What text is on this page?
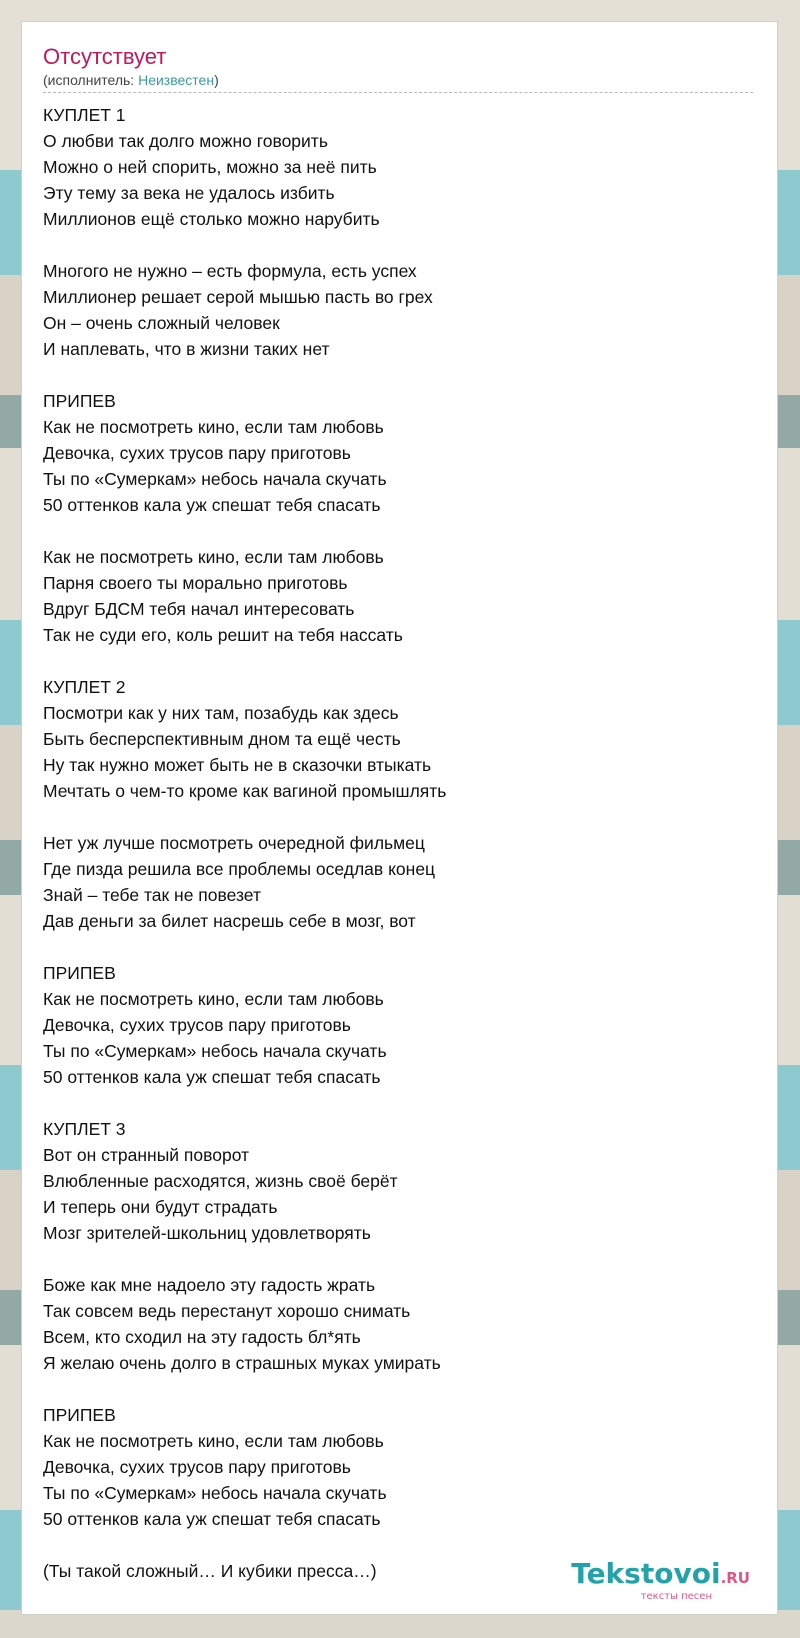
Отсутствует
(исполнитель: Неизвестен)
КУПЛЕТ 1
О любви так долго можно говорить
Можно о ней спорить, можно за неё пить
Эту тему за века не удалось избить
Миллионов ещё столько можно нарубить
Многого не нужно – есть формула, есть успех
Миллионер решает серой мышью пасть во грех
Он – очень сложный человек
И наплевать, что в жизни таких нет
ПРИПЕВ
Как не посмотреть кино, если там любовь
Девочка, сухих трусов пару приготовь
Ты по «Сумеркам» небось начала скучать
50 оттенков кала уж спешат тебя спасать
Как не посмотреть кино, если там любовь
Парня своего ты морально приготовь
Вдруг БДСМ тебя начал интересовать
Так не суди его, коль решит на тебя нассать
КУПЛЕТ 2
Посмотри как у них там, позабудь как здесь
Быть бесперспективным дном та ещё честь
Ну так нужно может быть не в сказочки втыкать
Мечтать о чем-то кроме как вагиной промышлять
Нет уж лучше посмотреть очередной фильмец
Где пизда решила все проблемы оседлав конец
Знай – тебе так не повезет
Дав деньги за билет насрешь себе в мозг, вот
ПРИПЕВ
Как не посмотреть кино, если там любовь
Девочка, сухих трусов пару приготовь
Ты по «Сумеркам» небось начала скучать
50 оттенков кала уж спешат тебя спасать
КУПЛЕТ 3
Вот он странный поворот
Влюбленные расходятся, жизнь своё берёт
И теперь они будут страдать
Мозг зрителей-школьниц удовлетворять
Боже как мне надоело эту гадость жрать
Так совсем ведь перестанут хорошо снимать
Всем, кто сходил на эту гадость бл*ять
Я желаю очень долго в страшных муках умирать
ПРИПЕВ
Как не посмотреть кино, если там любовь
Девочка, сухих трусов пару приготовь
Ты по «Сумеркам» небось начала скучать
50 оттенков кала уж спешат тебя спасать
(Ты такой сложный… И кубики пресса…)	Tekstovoi.RU
тексты песен
